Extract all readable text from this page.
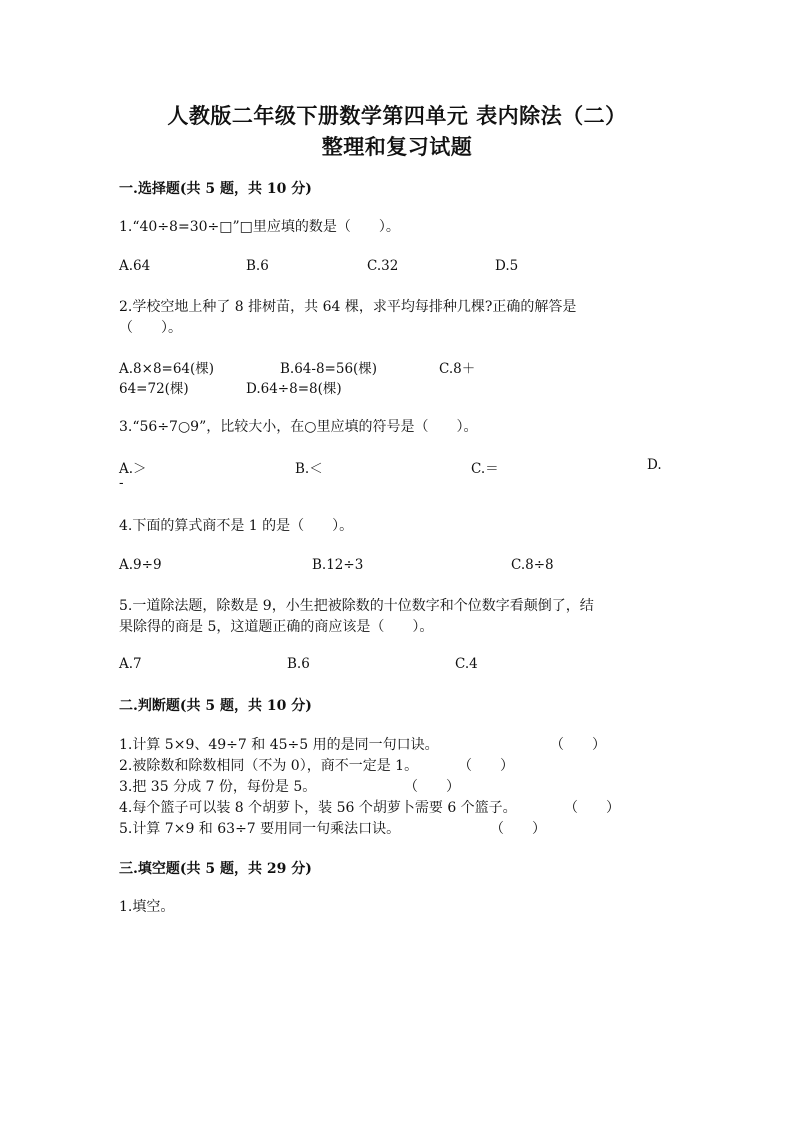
人教版二年级下册数学第四单元 表内除法（二）
整理和复习试题
一.选择题(共 5 题，共 10 分)
1.“40÷8=30÷□”□里应填的数是（　　）。
A.64	B.6	C.32	D.5
2.学校空地上种了 8 排树苗，共 64 棵，求平均每排种几棵?正确的解答是
（　　）。
A.8×8=64(棵)	B.64-8=56(棵)	C.8＋
64=72(棵)	D.64÷8=8(棵)
3.“56÷7○9”，比较大小，在○里应填的符号是（　　）。
A.＞	B.＜	C.＝	D.
-
4.下面的算式商不是 1 的是（　　）。
A.9÷9	B.12÷3	C.8÷8
5.一道除法题，除数是 9，小生把被除数的十位数字和个位数字看颠倒了，结
果除得的商是 5，这道题正确的商应该是（　　）。
A.7	B.6	C.4
二.判断题(共 5 题，共 10 分)
1.计算 5×9、49÷7 和 45÷5 用的是同一句口诀。	（　　）
2.被除数和除数相同（不为 0），商不一定是 1。	（　　）
3.把 35 分成 7 份，每份是 5。	（　　）
4.每个篮子可以装 8 个胡萝卜，装 56 个胡萝卜需要 6 个篮子。	（　　）
5.计算 7×9 和 63÷7 要用同一句乘法口诀。	（　　）
三.填空题(共 5 题，共 29 分)
1.填空。
